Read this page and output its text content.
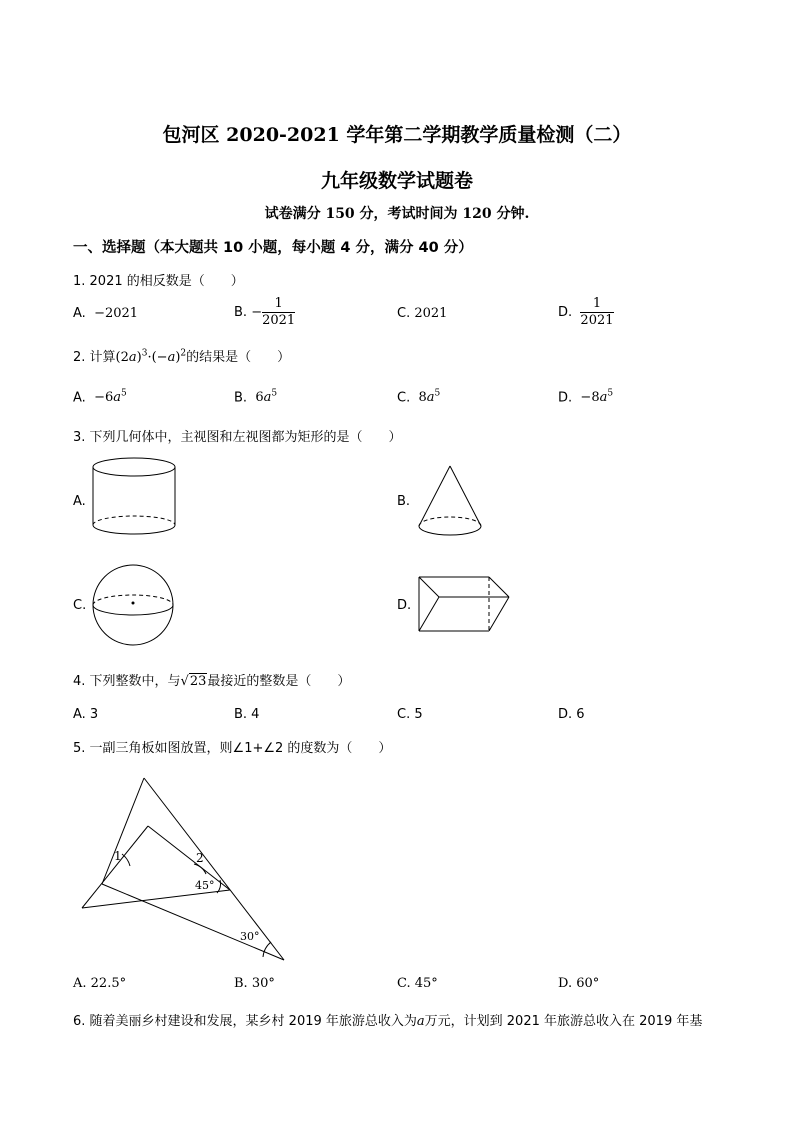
包河区 2020-2021 学年第二学期教学质量检测（二）
九年级数学试题卷
试卷满分 150 分，考试时间为 120 分钟.
一、选择题（本大题共 10 小题，每小题 4 分，满分 40 分）
1. 2021 的相反数是（　　）
A. −2021	B. − $\frac{1}{2021}$	C. 2021	D. $\frac{1}{2021}$
2. 计算$(2a)^3\cdot(-a)^2$的结果是（　　）
A. $-6a^5$	B. $6a^5$	C. $8a^5$	D. $-8a^5$
3. 下列几何体中，主视图和左视图都为矩形的是（　　）
A.	B.
C.	D.
4. 下列整数中，与√23最接近的整数是（　　）
A. 3	B. 4	C. 5	D. 6
5. 一副三角板如图放置，则∠1+∠2 的度数为（　　）
1	2
45°
30°
A. 22.5°	B. 30°	C. 45°	D. 60°
6. 随着美丽乡村建设和发展，某乡村 2019 年旅游总收入为a万元，计划到 2021 年旅游总收入在 2019 年基
